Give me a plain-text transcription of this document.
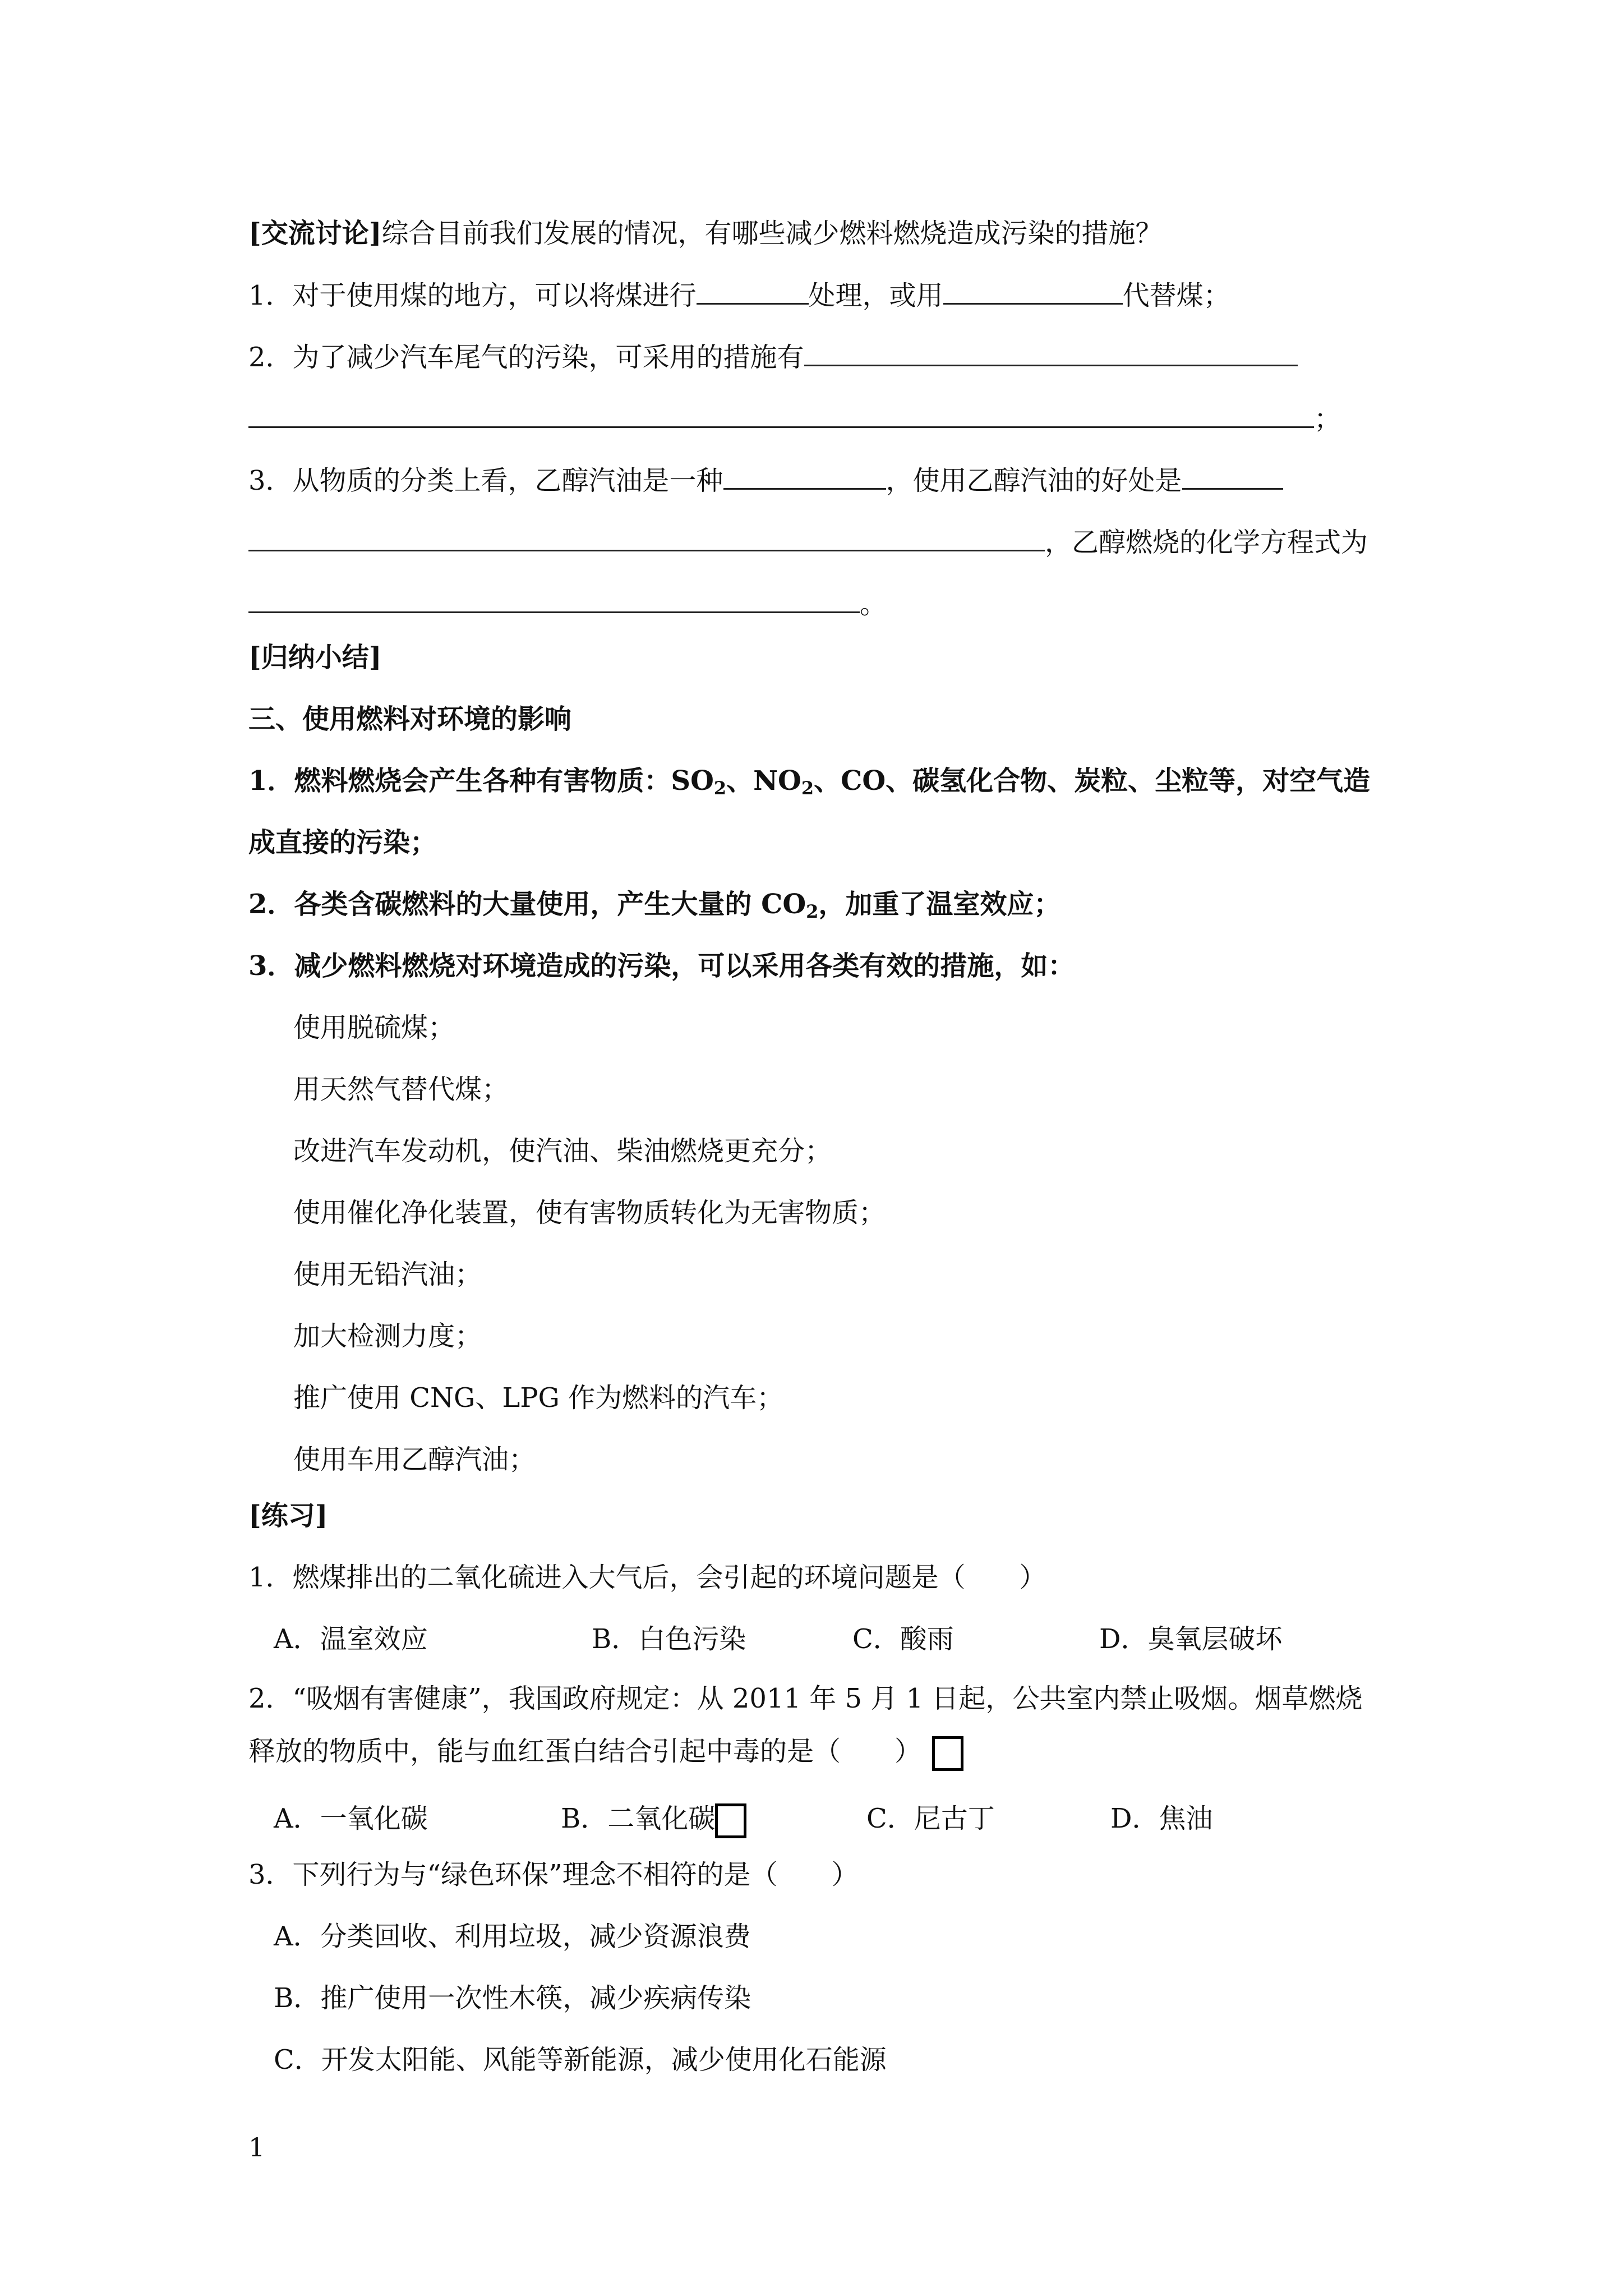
[交流讨论]综合目前我们发展的情况，有哪些减少燃料燃烧造成污染的措施？
1．对于使用煤的地方，可以将煤进行	处理，或用	代替煤；
2．为了减少汽车尾气的污染，可采用的措施有
；
3．从物质的分类上看，乙醇汽油是一种	，使用乙醇汽油的好处是
，乙醇燃烧的化学方程式为
。
[归纳小结]
三、使用燃料对环境的影响
1．燃料燃烧会产生各种有害物质：$SO_2$、$NO_2$、CO、碳氢化合物、炭粒、尘粒等，对空气造
成直接的污染；
2．各类含碳燃料的大量使用，产生大量的 $CO_2$，加重了温室效应；
3．减少燃料燃烧对环境造成的污染，可以采用各类有效的措施，如：
使用脱硫煤；
用天然气替代煤；
改进汽车发动机，使汽油、柴油燃烧更充分；
使用催化净化装置，使有害物质转化为无害物质；
使用无铅汽油；
加大检测力度；
推广使用 CNG、LPG 作为燃料的汽车；
使用车用乙醇汽油；
[练习]
1．燃煤排出的二氧化硫进入大气后，会引起的环境问题是（　　）
A．温室效应	B．白色污染	C．酸雨	D．臭氧层破坏
2．“吸烟有害健康”，我国政府规定：从 2011 年 5 月 1 日起，公共室内禁止吸烟。烟草燃烧
释放的物质中，能与血红蛋白结合引起中毒的是（　　）
A．一氧化碳	B．二氧化碳	C．尼古丁	D．焦油
3．下列行为与“绿色环保”理念不相符的是（　　）
A．分类回收、利用垃圾，减少资源浪费
B．推广使用一次性木筷，减少疾病传染
C．开发太阳能、风能等新能源，减少使用化石能源
1
